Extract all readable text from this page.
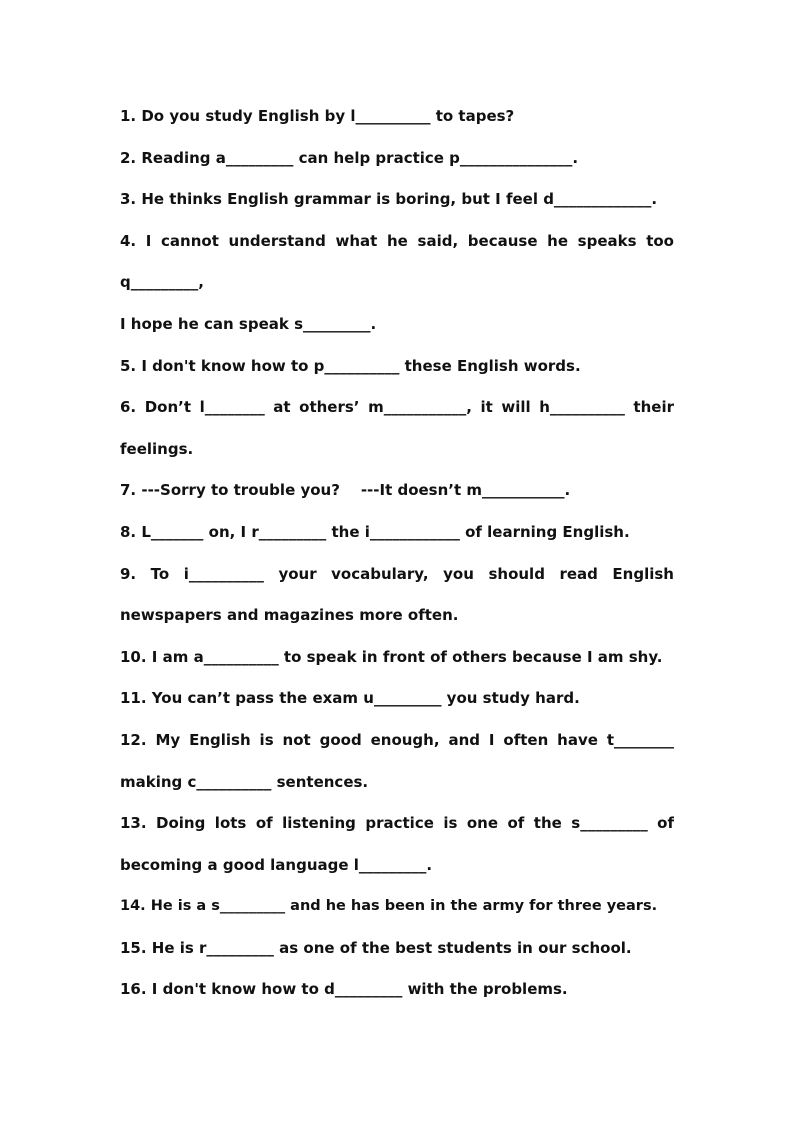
1. Do you study English by l__________ to tapes?
2. Reading a_________ can help practice p_______________.
3. He thinks English grammar is boring, but I feel d_____________.
4. I cannot understand what he said, because he speaks too
q_________,
I hope he can speak s_________.
5. I don't know how to p__________ these English words.
6. Don’t l________ at others’ m___________, it will h__________ their
feelings.
7. ---Sorry to trouble you?    ---It doesn’t m___________.
8. L_______ on, I r_________ the i____________ of learning English.
9. To i__________ your vocabulary, you should read English
newspapers and magazines more often.
10. I am a__________ to speak in front of others because I am shy.
11. You can’t pass the exam u_________ you study hard.
12. My English is not good enough, and I often have t________
making c__________ sentences.
13. Doing lots of listening practice is one of the s_________ of
becoming a good language l_________.
14. He is a s_________ and he has been in the army for three years.
15. He is r_________ as one of the best students in our school.
16. I don't know how to d_________ with the problems.
